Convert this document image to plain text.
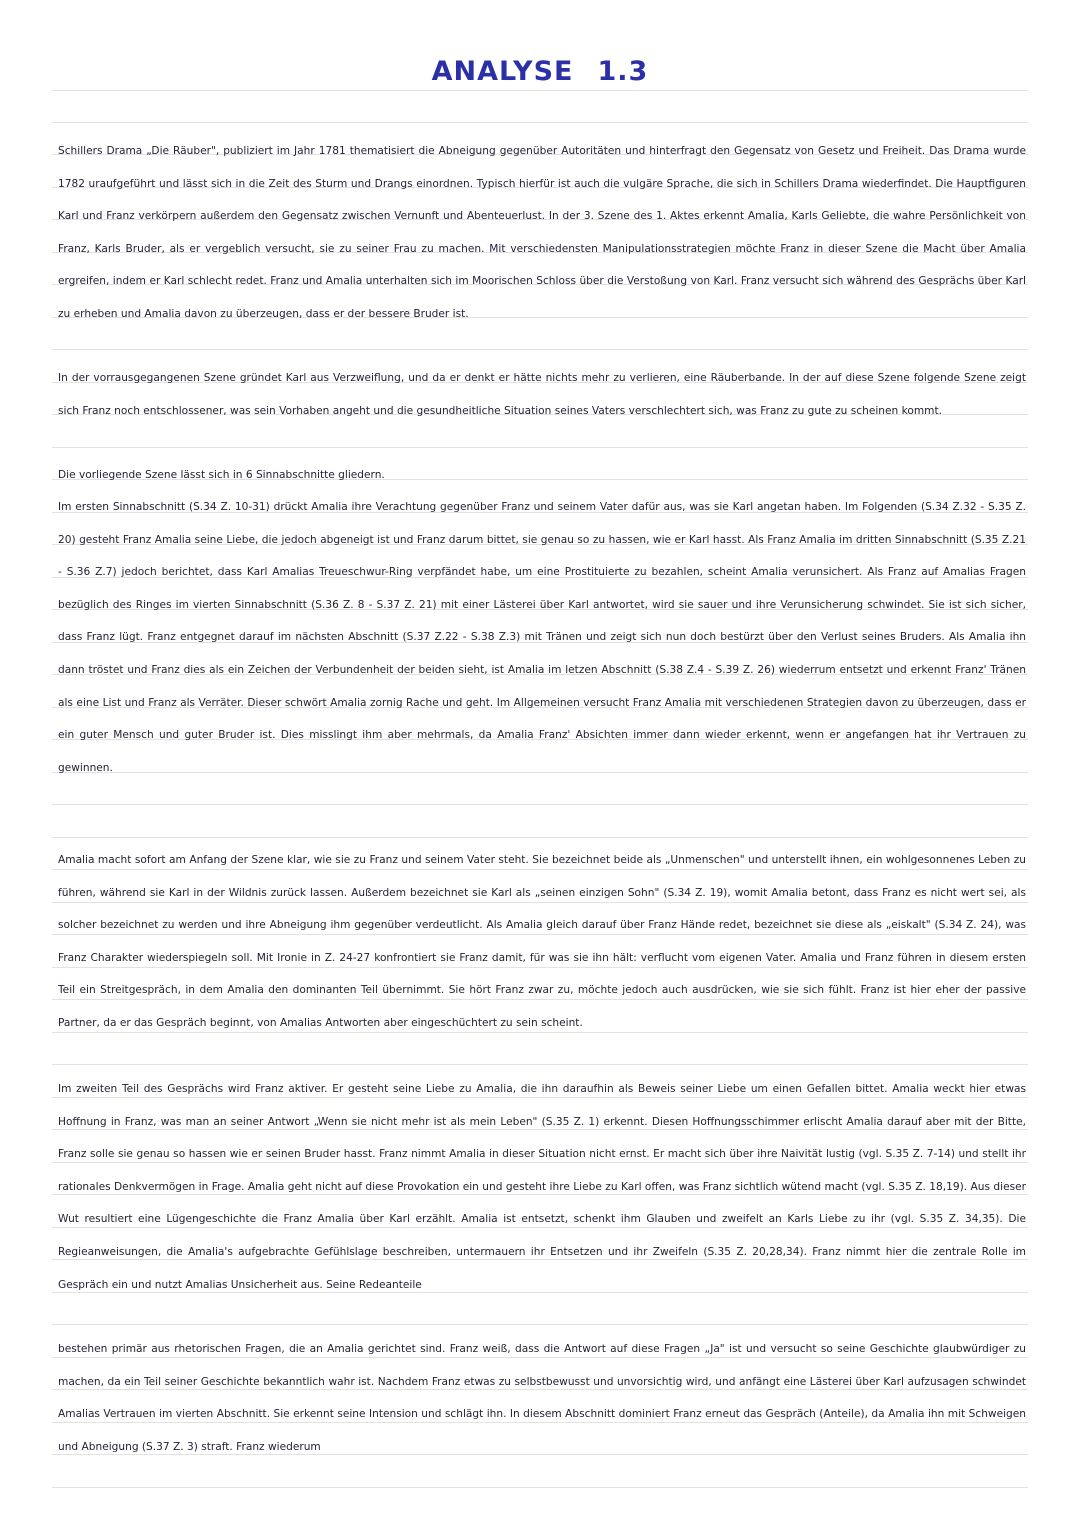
ANALYSE 1.3

Schillers Drama „Die Räuber", publiziert im Jahr 1781 thematisiert die Abneigung gegenüber Autoritäten und hinterfragt den Gegensatz von Gesetz und Freiheit. Das Drama wurde 1782 uraufgeführt und lässt sich in die Zeit des Sturm und Drangs einordnen. Typisch hierfür ist auch die vulgäre Sprache, die sich in Schillers Drama wiederfindet. Die Hauptfiguren Karl und Franz verkörpern außerdem den Gegensatz zwischen Vernunft und Abenteuerlust. In der 3. Szene des 1. Aktes erkennt Amalia, Karls Geliebte, die wahre Persönlichkeit von Franz, Karls Bruder, als er vergeblich versucht, sie zu seiner Frau zu machen. Mit verschiedensten Manipulationsstrategien möchte Franz in dieser Szene die Macht über Amalia ergreifen, indem er Karl schlecht redet. Franz und Amalia unterhalten sich im Moorischen Schloss über die Verstoßung von Karl. Franz versucht sich während des Gesprächs über Karl zu erheben und Amalia davon zu überzeugen, dass er der bessere Bruder ist.

In der vorrausgegangenen Szene gründet Karl aus Verzweiflung, und da er denkt er hätte nichts mehr zu verlieren, eine Räuberbande. In der auf diese Szene folgende Szene zeigt sich Franz noch entschlossener, was sein Vorhaben angeht und die gesundheitliche Situation seines Vaters verschlechtert sich, was Franz zu gute zu scheinen kommt.

Die vorliegende Szene lässt sich in 6 Sinnabschnitte gliedern.

Im ersten Sinnabschnitt (S.34 Z. 10-31) drückt Amalia ihre Verachtung gegenüber Franz und seinem Vater dafür aus, was sie Karl angetan haben. Im Folgenden (S.34 Z.32 - S.35 Z. 20) gesteht Franz Amalia seine Liebe, die jedoch abgeneigt ist und Franz darum bittet, sie genau so zu hassen, wie er Karl hasst. Als Franz Amalia im dritten Sinnabschnitt (S.35 Z.21 - S.36 Z.7) jedoch berichtet, dass Karl Amalias Treueschwur-Ring verpfändet habe, um eine Prostituierte zu bezahlen, scheint Amalia verunsichert. Als Franz auf Amalias Fragen bezüglich des Ringes im vierten Sinnabschnitt (S.36 Z. 8 - S.37 Z. 21) mit einer Lästerei über Karl antwortet, wird sie sauer und ihre Verunsicherung schwindet. Sie ist sich sicher, dass Franz lügt. Franz entgegnet darauf im nächsten Abschnitt (S.37 Z.22 - S.38 Z.3) mit Tränen und zeigt sich nun doch bestürzt über den Verlust seines Bruders. Als Amalia ihn dann tröstet und Franz dies als ein Zeichen der Verbundenheit der beiden sieht, ist Amalia im letzen Abschnitt (S.38 Z.4 - S.39 Z. 26) wiederrum entsetzt und erkennt Franz' Tränen als eine List und Franz als Verräter. Dieser schwört Amalia zornig Rache und geht. Im Allgemeinen versucht Franz Amalia mit verschiedenen Strategien davon zu überzeugen, dass er ein guter Mensch und guter Bruder ist. Dies misslingt ihm aber mehrmals, da Amalia Franz' Absichten immer dann wieder erkennt, wenn er angefangen hat ihr Vertrauen zu gewinnen.

Amalia macht sofort am Anfang der Szene klar, wie sie zu Franz und seinem Vater steht. Sie bezeichnet beide als „Unmenschen" und unterstellt ihnen, ein wohlgesonnenes Leben zu führen, während sie Karl in der Wildnis zurück lassen. Außerdem bezeichnet sie Karl als „seinen einzigen Sohn" (S.34 Z. 19), womit Amalia betont, dass Franz es nicht wert sei, als solcher bezeichnet zu werden und ihre Abneigung ihm gegenüber verdeutlicht. Als Amalia gleich darauf über Franz Hände redet, bezeichnet sie diese als „eiskalt" (S.34 Z. 24), was Franz Charakter wiederspiegeln soll. Mit Ironie in Z. 24-27 konfrontiert sie Franz damit, für was sie ihn hält: verflucht vom eigenen Vater. Amalia und Franz führen in diesem ersten Teil ein Streitgespräch, in dem Amalia den dominanten Teil übernimmt. Sie hört Franz zwar zu, möchte jedoch auch ausdrücken, wie sie sich fühlt. Franz ist hier eher der passive Partner, da er das Gespräch beginnt, von Amalias Antworten aber eingeschüchtert zu sein scheint.

Im zweiten Teil des Gesprächs wird Franz aktiver. Er gesteht seine Liebe zu Amalia, die ihn daraufhin als Beweis seiner Liebe um einen Gefallen bittet. Amalia weckt hier etwas Hoffnung in Franz, was man an seiner Antwort „Wenn sie nicht mehr ist als mein Leben" (S.35 Z. 1) erkennt. Diesen Hoffnungsschimmer erlischt Amalia darauf aber mit der Bitte, Franz solle sie genau so hassen wie er seinen Bruder hasst. Franz nimmt Amalia in dieser Situation nicht ernst. Er macht sich über ihre Naivität lustig (vgl. S.35 Z. 7-14) und stellt ihr rationales Denkvermögen in Frage. Amalia geht nicht auf diese Provokation ein und gesteht ihre Liebe zu Karl offen, was Franz sichtlich wütend macht (vgl. S.35 Z. 18,19). Aus dieser Wut resultiert eine Lügengeschichte die Franz Amalia über Karl erzählt. Amalia ist entsetzt, schenkt ihm Glauben und zweifelt an Karls Liebe zu ihr (vgl. S.35 Z. 34,35). Die Regieanweisungen, die Amalia's aufgebrachte Gefühlslage beschreiben, untermauern ihr Entsetzen und ihr Zweifeln (S.35 Z. 20,28,34). Franz nimmt hier die zentrale Rolle im Gespräch ein und nutzt Amalias Unsicherheit aus. Seine Redeanteile

bestehen primär aus rhetorischen Fragen, die an Amalia gerichtet sind. Franz weiß, dass die Antwort auf diese Fragen „Ja" ist und versucht so seine Geschichte glaubwürdiger zu machen, da ein Teil seiner Geschichte bekanntlich wahr ist. Nachdem Franz etwas zu selbstbewusst und unvorsichtig wird, und anfängt eine Lästerei über Karl aufzusagen schwindet Amalias Vertrauen im vierten Abschnitt. Sie erkennt seine Intension und schlägt ihn. In diesem Abschnitt dominiert Franz erneut das Gespräch (Anteile), da Amalia ihn mit Schweigen und Abneigung (S.37 Z. 3) straft. Franz wiederum
